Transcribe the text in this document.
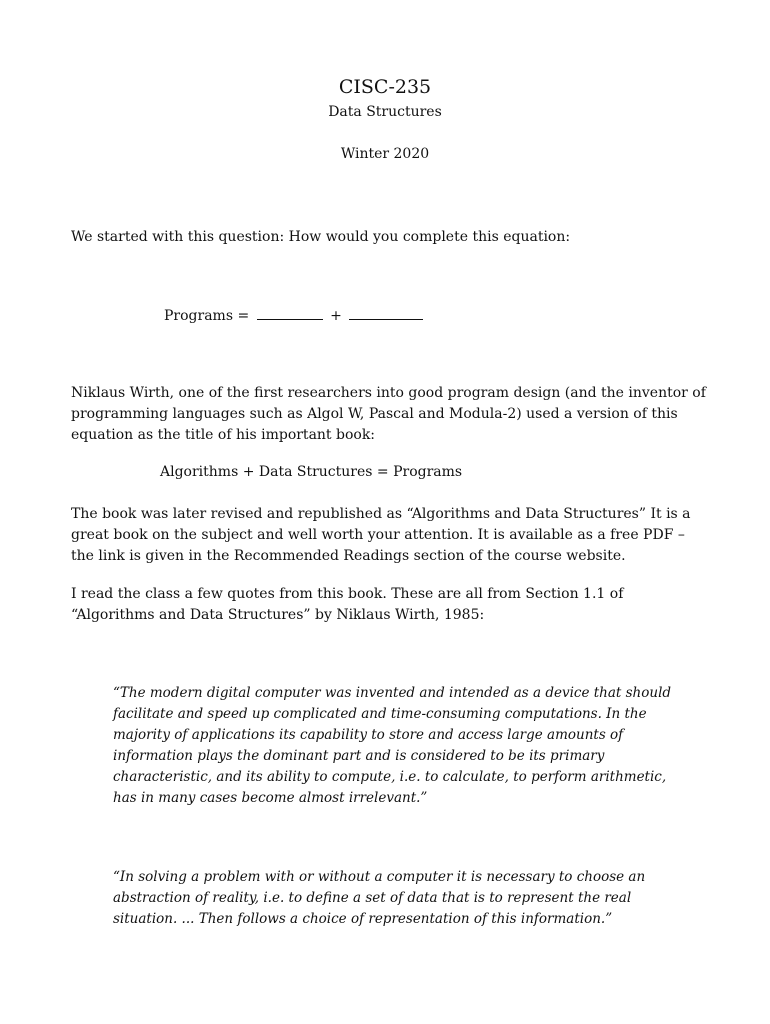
CISC-235
Data Structures
Winter 2020

We started with this question: How would you complete this equation:

Programs =	+

Niklaus Wirth, one of the first researchers into good program design (and the inventor of programming languages such as Algol W, Pascal and Modula-2) used a version of this equation as the title of his important book:

Algorithms + Data Structures = Programs

The book was later revised and republished as “Algorithms and Data Structures” It is a great book on the subject and well worth your attention. It is available as a free PDF – the link is given in the Recommended Readings section of the course website.

I read the class a few quotes from this book. These are all from Section 1.1 of “Algorithms and Data Structures” by Niklaus Wirth, 1985:

“The modern digital computer was invented and intended as a device that should facilitate and speed up complicated and time-consuming computations. In the majority of applications its capability to store and access large amounts of information plays the dominant part and is considered to be its primary characteristic, and its ability to compute, i.e. to calculate, to perform arithmetic, has in many cases become almost irrelevant.”

“In solving a problem with or without a computer it is necessary to choose an abstraction of reality, i.e. to define a set of data that is to represent the real situation. ... Then follows a choice of representation of this information.”
